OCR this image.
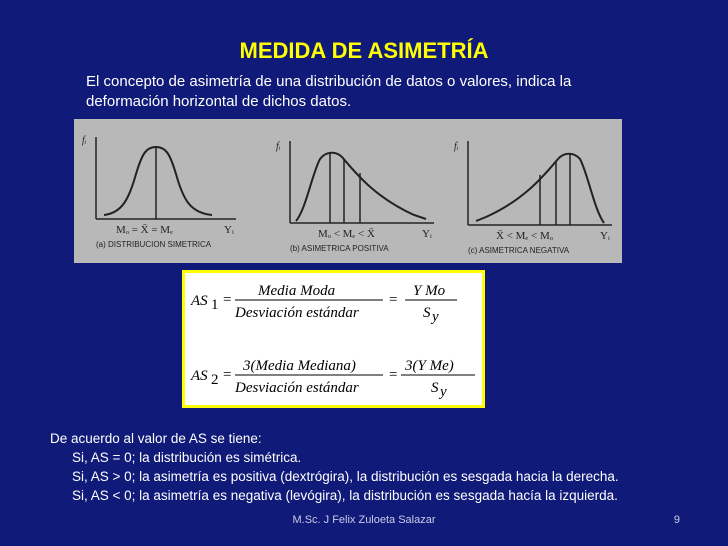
MEDIDA DE ASIMETRÍA
El concepto de asimetría de una distribución de datos o valores, indica la
deformación horizontal de dichos datos.
fᵢ
Yᵢ
Mₒ = X̄ = Mₑ
(a) DISTRIBUCION SIMETRICA
fᵢ
Yᵢ
Mₒ < Mₑ < X̄
(b) ASIMETRICA POSITIVA
fᵢ
Yᵢ
X̄ < Mₑ < Mₒ
(c) ASIMETRICA NEGATIVA
AS 1 =
Media Moda
Desviación estándar
=
Y Mo
S y
AS 2 =
3(Media Mediana)
Desviación estándar
=
3(Y Me)
S y
De acuerdo al valor de AS se tiene:
Si, AS = 0; la distribución es simétrica.
Si, AS > 0; la asimetría es positiva (dextrógira), la distribución es sesgada hacia la derecha.
Si, AS < 0; la asimetría es negativa (levógira), la distribución es sesgada hacía la izquierda.
M.Sc. J Felix Zuloeta Salazar	9
